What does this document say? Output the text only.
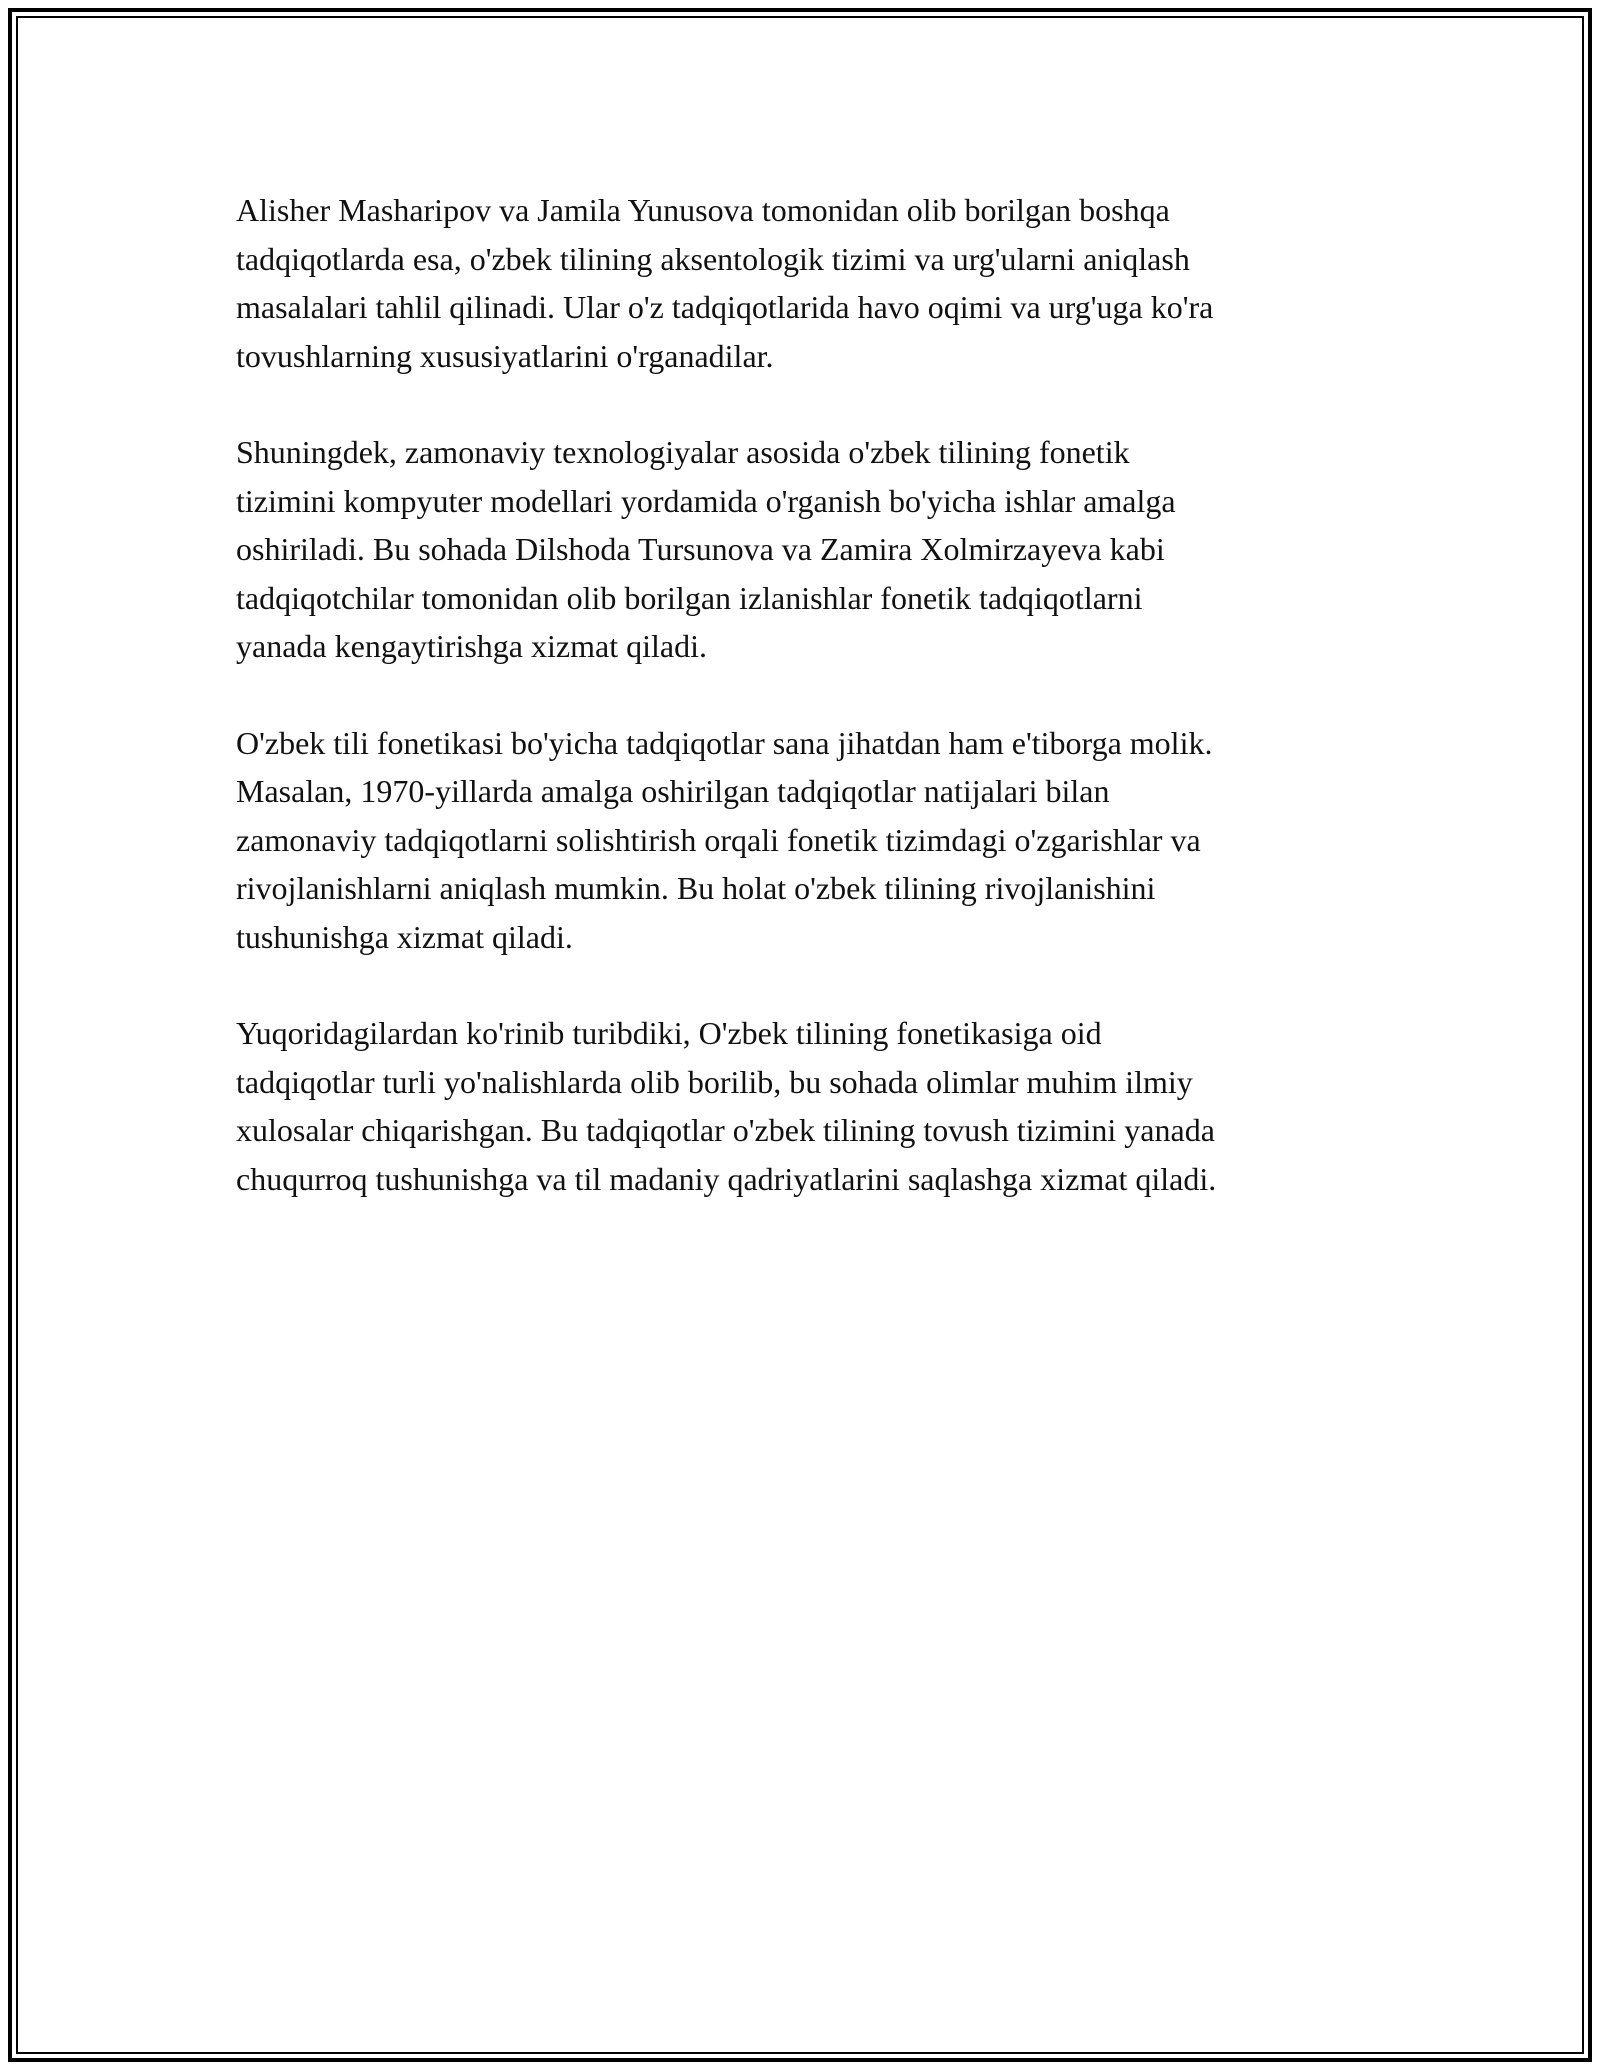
Alisher Masharipov va Jamila Yunusova tomonidan olib borilgan boshqa
tadqiqotlarda esa, o'zbek tilining aksentologik tizimi va urg'ularni aniqlash
masalalari tahlil qilinadi. Ular o'z tadqiqotlarida havo oqimi va urg'uga ko'ra
tovushlarning xususiyatlarini o'rganadilar.

Shuningdek, zamonaviy texnologiyalar asosida o'zbek tilining fonetik
tizimini kompyuter modellari yordamida o'rganish bo'yicha ishlar amalga
oshiriladi. Bu sohada Dilshoda Tursunova va Zamira Xolmirzayeva kabi
tadqiqotchilar tomonidan olib borilgan izlanishlar fonetik tadqiqotlarni
yanada kengaytirishga xizmat qiladi.

O'zbek tili fonetikasi bo'yicha tadqiqotlar sana jihatdan ham e'tiborga molik.
Masalan, 1970-yillarda amalga oshirilgan tadqiqotlar natijalari bilan
zamonaviy tadqiqotlarni solishtirish orqali fonetik tizimdagi o'zgarishlar va
rivojlanishlarni aniqlash mumkin. Bu holat o'zbek tilining rivojlanishini
tushunishga xizmat qiladi.

Yuqoridagilardan ko'rinib turibdiki, O'zbek tilining fonetikasiga oid
tadqiqotlar turli yo'nalishlarda olib borilib, bu sohada olimlar muhim ilmiy
xulosalar chiqarishgan. Bu tadqiqotlar o'zbek tilining tovush tizimini yanada
chuqurroq tushunishga va til madaniy qadriyatlarini saqlashga xizmat qiladi.
